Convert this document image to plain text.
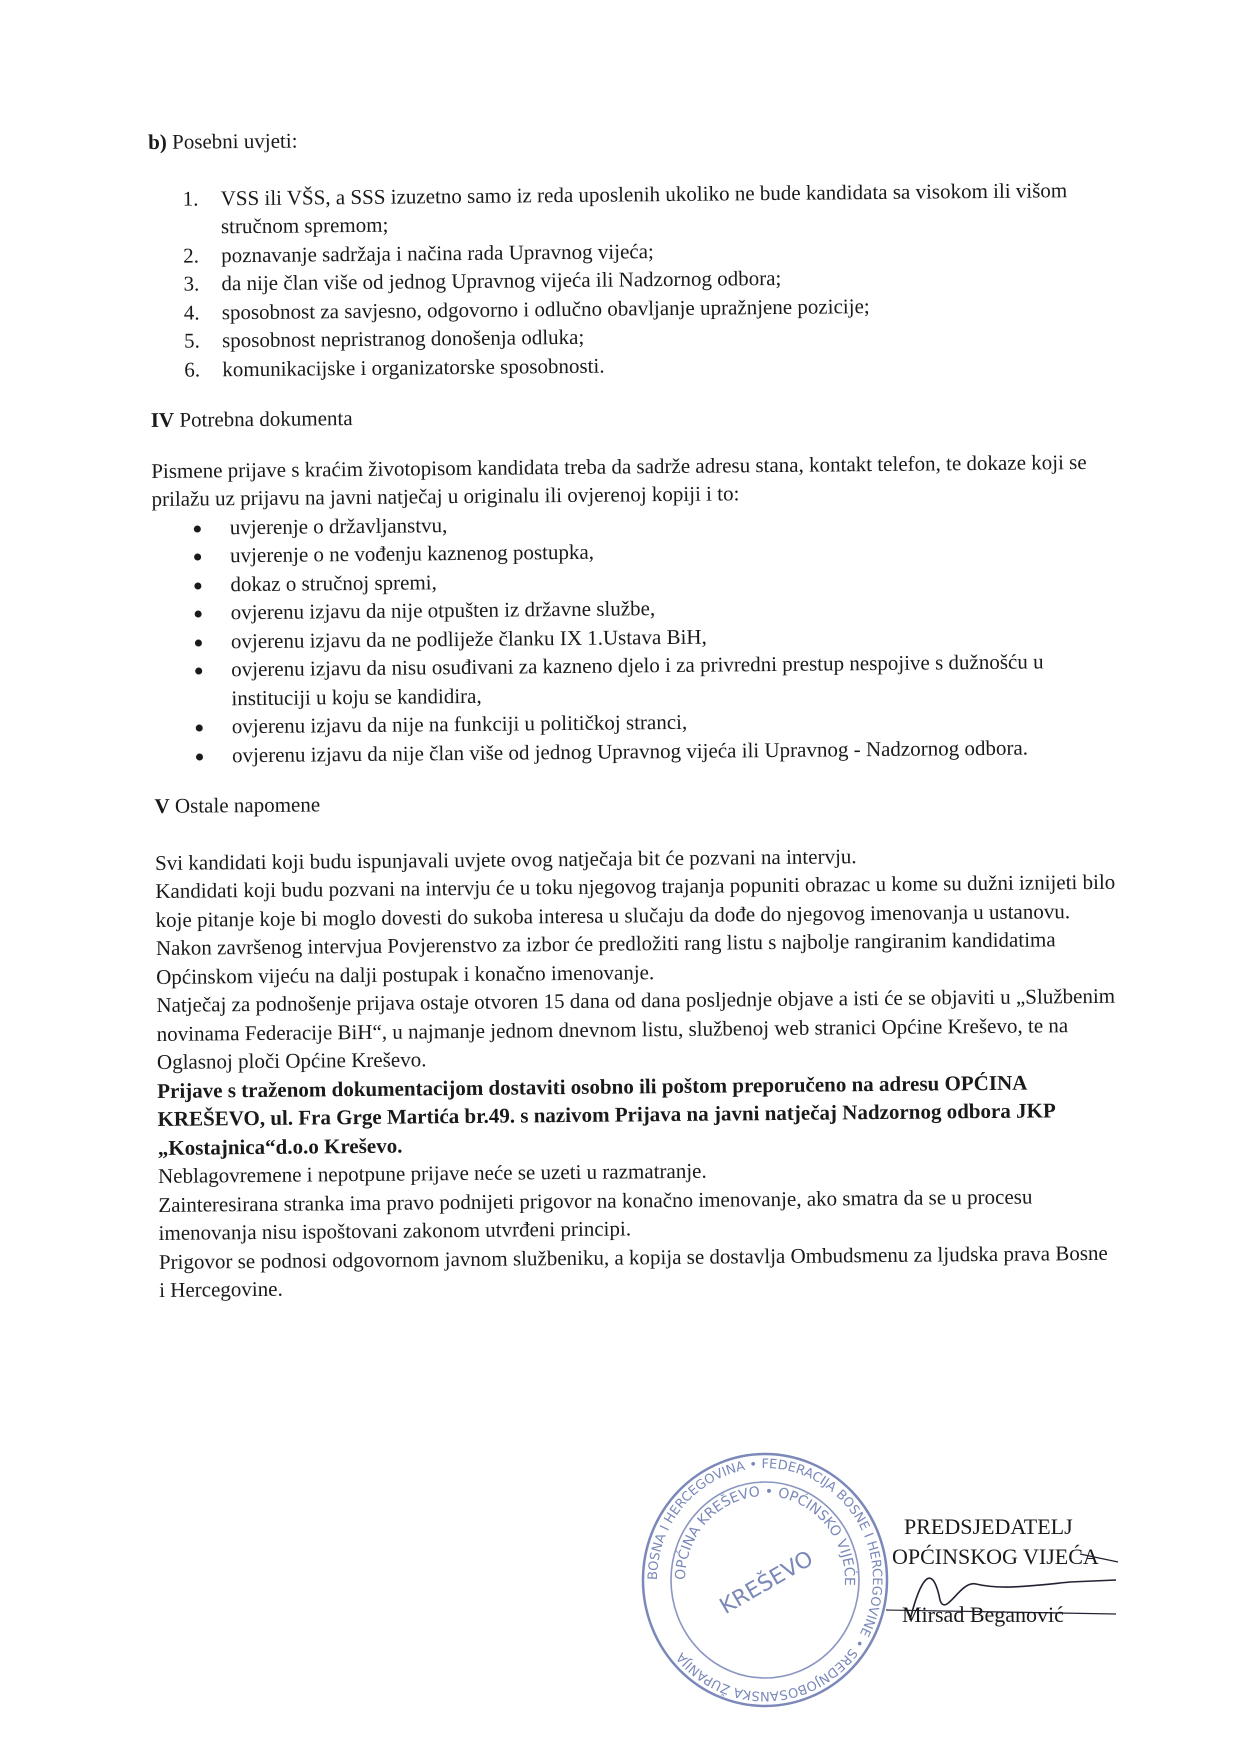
b) Posebni uvjeti:
1. VSS ili VŠS, a SSS izuzetno samo iz reda uposlenih ukoliko ne bude kandidata sa visokom ili višom stručnom spremom;
2. poznavanje sadržaja i načina rada Upravnog vijeća;
3. da nije član više od jednog Upravnog vijeća ili Nadzornog odbora;
4. sposobnost za savjesno, odgovorno i odlučno obavljanje upražnjene pozicije;
5. sposobnost nepristranog donošenja odluka;
6. komunikacijske i organizatorske sposobnosti.
IV Potrebna dokumenta

Pismene prijave s kraćim životopisom kandidata treba da sadrže adresu stana, kontakt telefon, te dokaze koji se prilažu uz prijavu na javni natječaj u originalu ili ovjerenoj kopiji i to:

uvjerenje o državljanstvu,
uvjerenje o ne vođenju kaznenog postupka,
dokaz o stručnoj spremi,
ovjerenu izjavu da nije otpušten iz državne službe,
ovjerenu izjavu da ne podliježe članku IX 1.Ustava BiH,
ovjerenu izjavu da nisu osuđivani za kazneno djelo i za privredni prestup nespojive s dužnošću u instituciji u koju se kandidira,
ovjerenu izjavu da nije na funkciji u političkoj stranci,
ovjerenu izjavu da nije član više od jednog Upravnog vijeća ili Upravnog - Nadzornog odbora.
V Ostale napomene

Svi kandidati koji budu ispunjavali uvjete ovog natječaja bit će pozvani na intervju.

Kandidati koji budu pozvani na intervju će u toku njegovog trajanja popuniti obrazac u kome su dužni iznijeti bilo koje pitanje koje bi moglo dovesti do sukoba interesa u slučaju da dođe do njegovog imenovanja u ustanovu.

Nakon završenog intervjua Povjerenstvo za izbor će predložiti rang listu s najbolje rangiranim kandidatima Općinskom vijeću na dalji postupak i konačno imenovanje.

Natječaj za podnošenje prijava ostaje otvoren 15 dana od dana posljednje objave a isti će se objaviti u „Službenim novinama Federacije BiH“, u najmanje jednom dnevnom listu, službenoj web stranici Općine Kreševo, te na Oglasnoj ploči Općine Kreševo.

Prijave s traženom dokumentacijom dostaviti osobno ili poštom preporučeno na adresu OPĆINA KREŠEVO, ul. Fra Grge Martića br.49. s nazivom Prijava na javni natječaj Nadzornog odbora JKP „Kostajnica“d.o.o Kreševo.

Neblagovremene i nepotpune prijave neće se uzeti u razmatranje.

Zainteresirana stranka ima pravo podnijeti prigovor na konačno imenovanje, ako smatra da se u procesu imenovanja nisu ispoštovani zakonom utvrđeni principi.

Prigovor se podnosi odgovornom javnom službeniku, a kopija se dostavlja Ombudsmenu za ljudska prava Bosne i Hercegovine.

BOSNA I HERCEGOVINA • FEDERACIJA BOSNE I HERCEGOVINE • SREDNJOBOSANSKA ŽUPANIJA
OPĆINA KREŠEVO • OPĆINSKO VIJEĆE
KREŠEVO
PREDSJEDATELJ
OPĆINSKOG VIJEĆA
Mirsad Beganović
